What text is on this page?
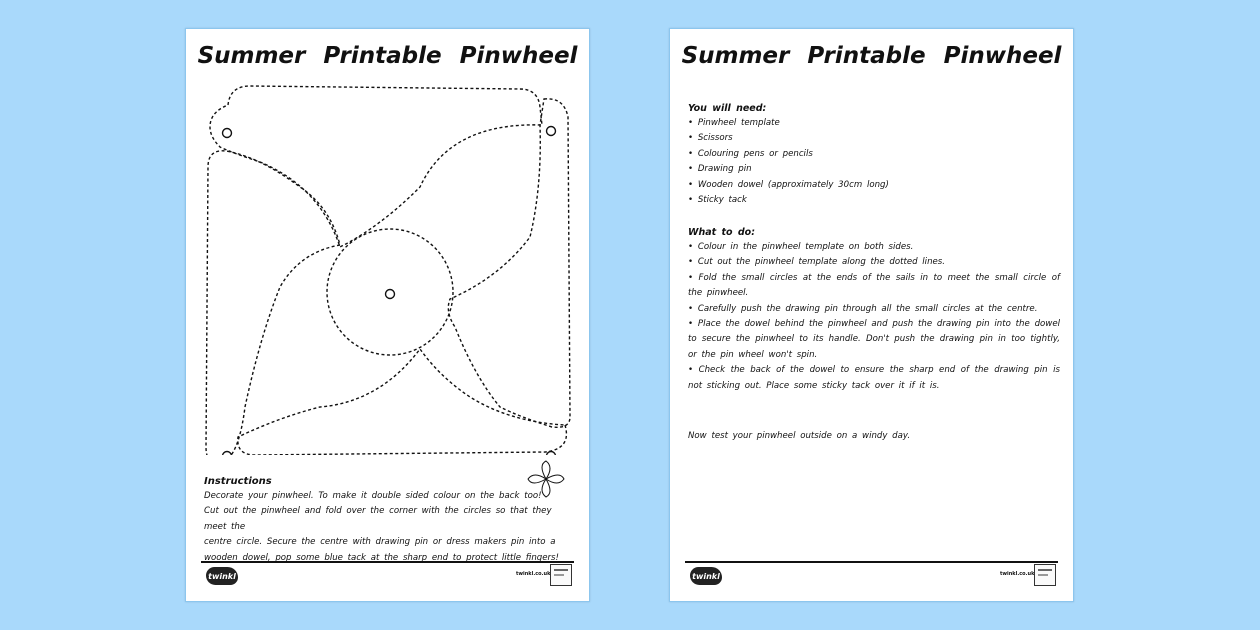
Summer Printable Pinwheel
Instructions
Decorate your pinwheel. To make it double sided colour on the back too!
Cut out the pinwheel and fold over the corner with the circles so that they meet the
centre circle. Secure the centre with drawing pin or dress makers pin into a
wooden dowel, pop some blue tack at the sharp end to protect little fingers!
twinkl	twinkl.co.uk
Summer Printable Pinwheel
You will need:
• Pinwheel template
• Scissors
• Colouring pens or pencils
• Drawing pin
• Wooden dowel (approximately 30cm long)
• Sticky tack
What to do:
• Colour in the pinwheel template on both sides.
• Cut out the pinwheel template along the dotted lines.
• Fold the small circles at the ends of the sails in to meet the small circle of the pinwheel.
• Carefully push the drawing pin through all the small circles at the centre.
• Place the dowel behind the pinwheel and push the drawing pin into the dowel to secure the pinwheel to its handle. Don't push the drawing pin in too tightly, or the pin wheel won't spin.
• Check the back of the dowel to ensure the sharp end of the drawing pin is not sticking out. Place some sticky tack over it if it is.
Now test your pinwheel outside on a windy day.
twinkl	twinkl.co.uk
